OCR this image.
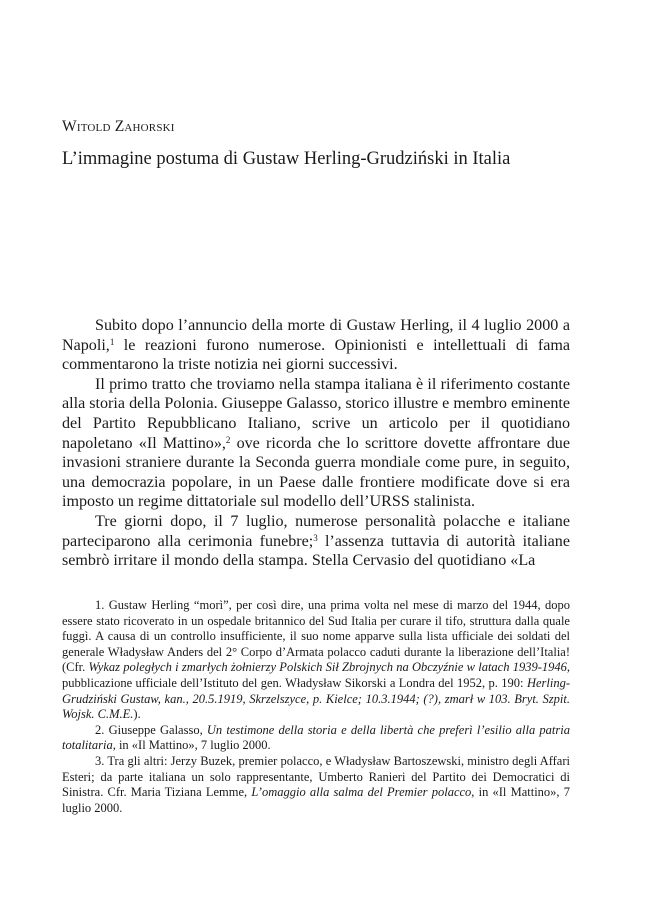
Witold Zahorski
L’immagine postuma di Gustaw Herling-Grudziński in Italia

Subito dopo l’annuncio della morte di Gustaw Herling, il 4 luglio 2000 a Napoli,$^1$ le reazioni furono numerose. Opinionisti e intellettuali di fama commentarono la triste notizia nei giorni successivi.

Il primo tratto che troviamo nella stampa italiana è il riferimento costante alla storia della Polonia. Giuseppe Galasso, storico illustre e membro eminente del Partito Repubblicano Italiano, scrive un articolo per il quotidiano napoletano «Il Mattino»,$^2$ ove ricorda che lo scrittore dovette affrontare due invasioni straniere durante la Seconda guerra mondiale come pure, in seguito, una democrazia popolare, in un Paese dalle frontiere modificate dove si era imposto un regime dittatoriale sul modello dell’URSS stalinista.

Tre giorni dopo, il 7 luglio, numerose personalità polacche e italiane parteciparono alla cerimonia funebre;$^3$ l’assenza tuttavia di autorità italiane sembrò irritare il mondo della stampa. Stella Cervasio del quotidiano «La

1. Gustaw Herling “morì”, per così dire, una prima volta nel mese di marzo del 1944, dopo essere stato ricoverato in un ospedale britannico del Sud Italia per curare il tifo, struttura dalla quale fuggì. A causa di un controllo insufficiente, il suo nome apparve sulla lista ufficiale dei soldati del generale Władysław Anders del 2° Corpo d’Armata polacco caduti durante la liberazione dell’Italia! (Cfr. Wykaz poległych i zmarłych żołnierzy Polskich Sił Zbrojnych na Obczyźnie w latach 1939-1946, pubblicazione ufficiale dell’Istituto del gen. Władysław Sikorski a Londra del 1952, p. 190: Herling-Grudziński Gustaw, kan., 20.5.1919, Skrzelszyce, p. Kielce; 10.3.1944; (?), zmarł w 103. Bryt. Szpit. Wojsk. C.M.E.).

2. Giuseppe Galasso, Un testimone della storia e della libertà che preferì l’esilio alla patria totalitaria, in «Il Mattino», 7 luglio 2000.

3. Tra gli altri: Jerzy Buzek, premier polacco, e Władysław Bartoszewski, ministro degli Affari Esteri; da parte italiana un solo rappresentante, Umberto Ranieri del Partito dei Democratici di Sinistra. Cfr. Maria Tiziana Lemme, L’omaggio alla salma del Premier polacco, in «Il Mattino», 7 luglio 2000.
